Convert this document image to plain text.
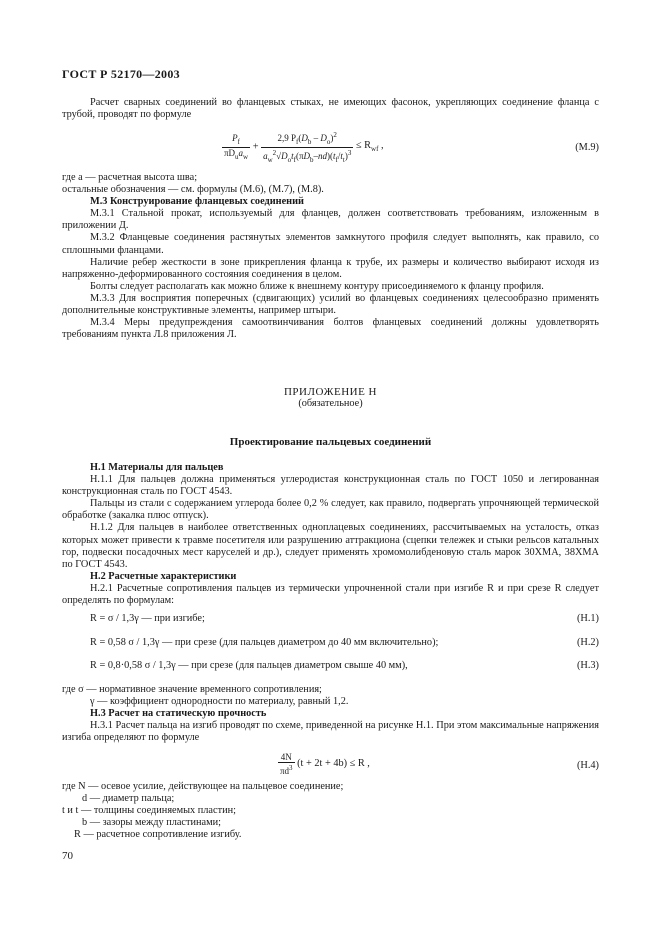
ГОСТ Р 52170—2003

Расчет сварных соединений во фланцевых стыках, не имеющих фасонок, укрепляющих соединение фланца с трубой, проводят по формуле

$\frac{P_f}{\pi D_ua_w} + \frac{2,9 P_f(D_b - D_o)^2}{a_w^2√D_ot_f(\pi D_b-nd)(t_f/t_t)^3} \le R_{wf}$ ,	(М.9)

где a — расчетная высота шва;

остальные обозначения — см. формулы (М.6), (М.7), (М.8).

М.3 Конструирование фланцевых соединений

М.3.1 Стальной прокат, используемый для фланцев, должен соответствовать требованиям, изложенным в приложении Д.

М.3.2 Фланцевые соединения растянутых элементов замкнутого профиля следует выполнять, как правило, со сплошными фланцами.

Наличие ребер жесткости в зоне прикрепления фланца к трубе, их размеры и количество выбирают исходя из напряженно-деформированного состояния соединения в целом.

Болты следует располагать как можно ближе к внешнему контуру присоединяемого к фланцу профиля.

М.3.3 Для восприятия поперечных (сдвигающих) усилий во фланцевых соединениях целесообразно применять дополнительные конструктивные элементы, например штыри.

М.3.4 Меры предупреждения самоотвинчивания болтов фланцевых соединений должны удовлетворять требованиям пункта Л.8 приложения Л.

ПРИЛОЖЕНИЕ Н
(обязательное)
Проектирование пальцевых соединений

Н.1 Материалы для пальцев

Н.1.1 Для пальцев должна применяться углеродистая конструкционная сталь по ГОСТ 1050 и легированная конструкционная сталь по ГОСТ 4543.

Пальцы из стали с содержанием углерода более 0,2 % следует, как правило, подвергать упрочняющей термической обработке (закалка плюс отпуск).

Н.1.2 Для пальцев в наиболее ответственных одноплацевых соединениях, рассчитываемых на усталость, отказ которых может привести к травме посетителя или разрушению аттракциона (сцепки тележек и стыки рельсов катальных гор, подвески посадочных мест каруселей и др.), следует применять хромомолибденовую сталь марок 30ХМА, 38ХМА по ГОСТ 4543.

Н.2 Расчетные характеристики

Н.2.1 Расчетные сопротивления пальцев из термически упрочненной стали при изгибе R и при срезе R следует определять по формулам:

R = σ / 1,3γ — при изгибе;	(Н.1)
R = 0,58 σ / 1,3γ — при срезе (для пальцев диаметром до 40 мм включительно);	(Н.2)
R = 0,8·0,58 σ / 1,3γ — при срезе (для пальцев диаметром свыше 40 мм),	(Н.3)

где σ — нормативное значение временного сопротивления;

γ — коэффициент однородности по материалу, равный 1,2.

Н.3 Расчет на статическую прочность

Н.3.1 Расчет пальца на изгиб проводят по схеме, приведенной на рисунке Н.1. При этом максимальные напряжения изгиба определяют по формуле

$\frac{4N}{\pi d^3} (t + 2t + 4b) \le R$ ,	(Н.4)
где N — осевое усилие, действующее на пальцевое соединение;
d — диаметр пальца;
t и t — толщины соединяемых пластин;
b — зазоры между пластинами;
R — расчетное сопротивление изгибу.
70
